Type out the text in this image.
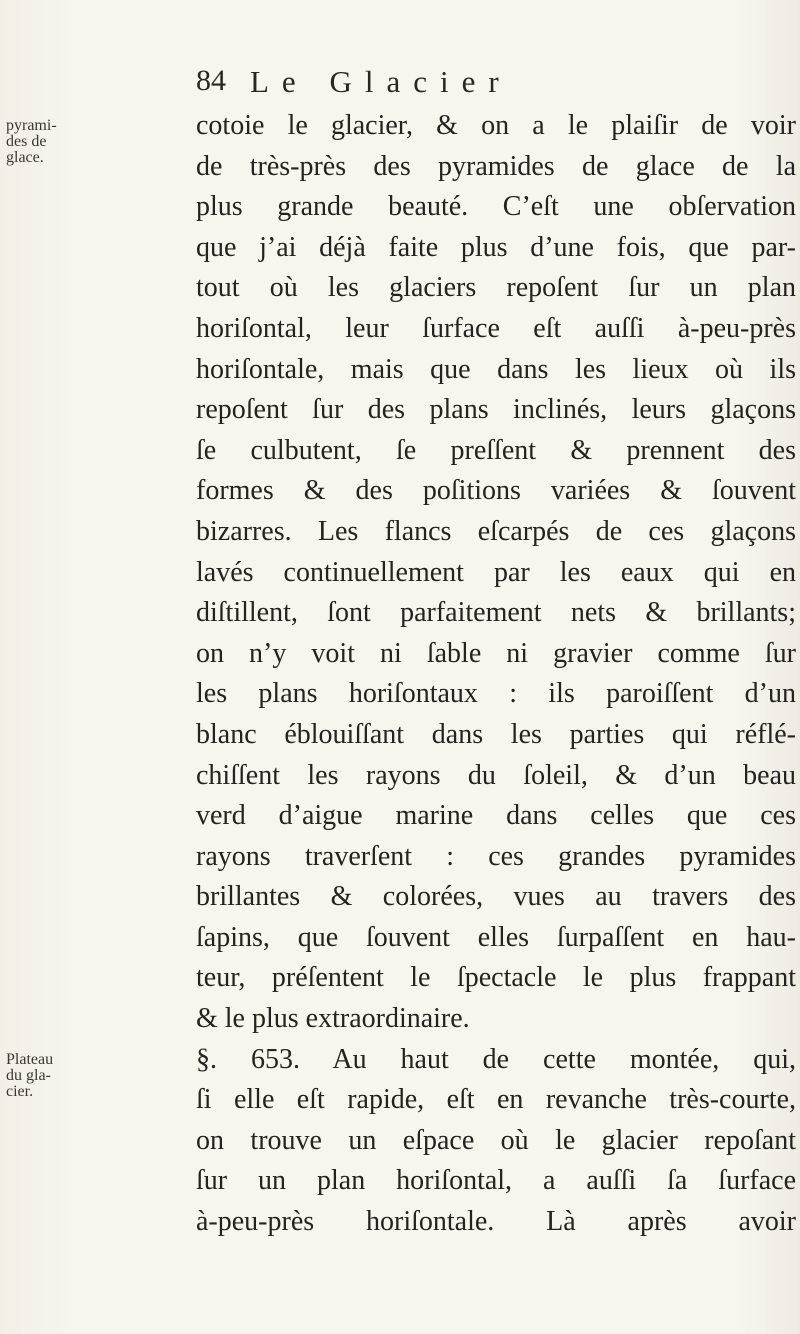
84 Le Glacier
pyrami-
des de
glace.
Plateau
du gla-
cier.
cotoie le glacier, & on a le plaiſir de voir
de très-près des pyramides de glace de la
plus grande beauté. C’eſt une obſervation
que j’ai déjà faite plus d’une fois, que par-
tout où les glaciers repoſent ſur un plan
horiſontal, leur ſurface eſt auſſi à-peu-près
horiſontale, mais que dans les lieux où ils
repoſent ſur des plans inclinés, leurs glaçons
ſe culbutent, ſe preſſent & prennent des
formes & des poſitions variées & ſouvent
bizarres. Les flancs eſcarpés de ces glaçons
lavés continuellement par les eaux qui en
diſtillent, ſont parfaitement nets & brillants;
on n’y voit ni ſable ni gravier comme ſur
les plans horiſontaux : ils paroiſſent d’un
blanc éblouiſſant dans les parties qui réflé-
chiſſent les rayons du ſoleil, & d’un beau
verd d’aigue marine dans celles que ces
rayons traverſent : ces grandes pyramides
brillantes & colorées, vues au travers des
ſapins, que ſouvent elles ſurpaſſent en hau-
teur, préſentent le ſpectacle le plus frappant
& le plus extraordinaire.
§. 653. Au haut de cette montée, qui,
ſi elle eſt rapide, eſt en revanche très-courte,
on trouve un eſpace où le glacier repoſant
ſur un plan horiſontal, a auſſi ſa ſurface
à-peu-près horiſontale. Là après avoir
